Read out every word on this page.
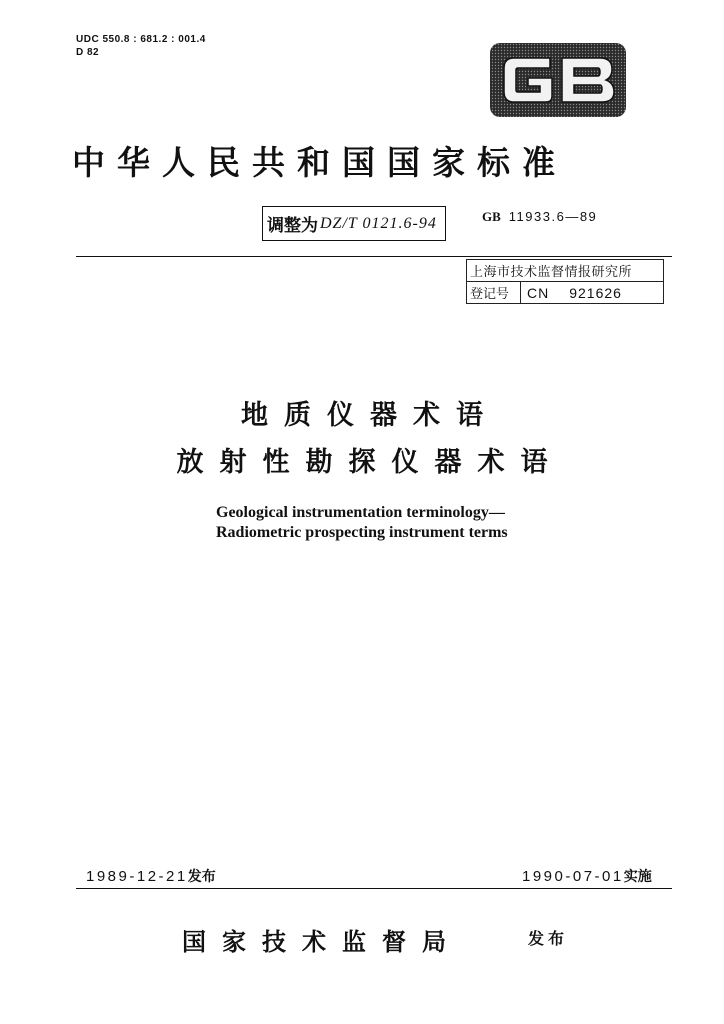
UDC 550.8 : 681.2 : 001.4
D 82
中华人民共和国国家标准
调整为 DZ/T 0121.6-94	GB 11933.6—89
上海市技术监督情报研究所
登记号	CN	921626
地质仪器术语
放射性勘探仪器术语
Geological instrumentation terminology—
Radiometric prospecting instrument terms
1989-12-21发布	1990-07-01实施
国家技术监督局	发布
